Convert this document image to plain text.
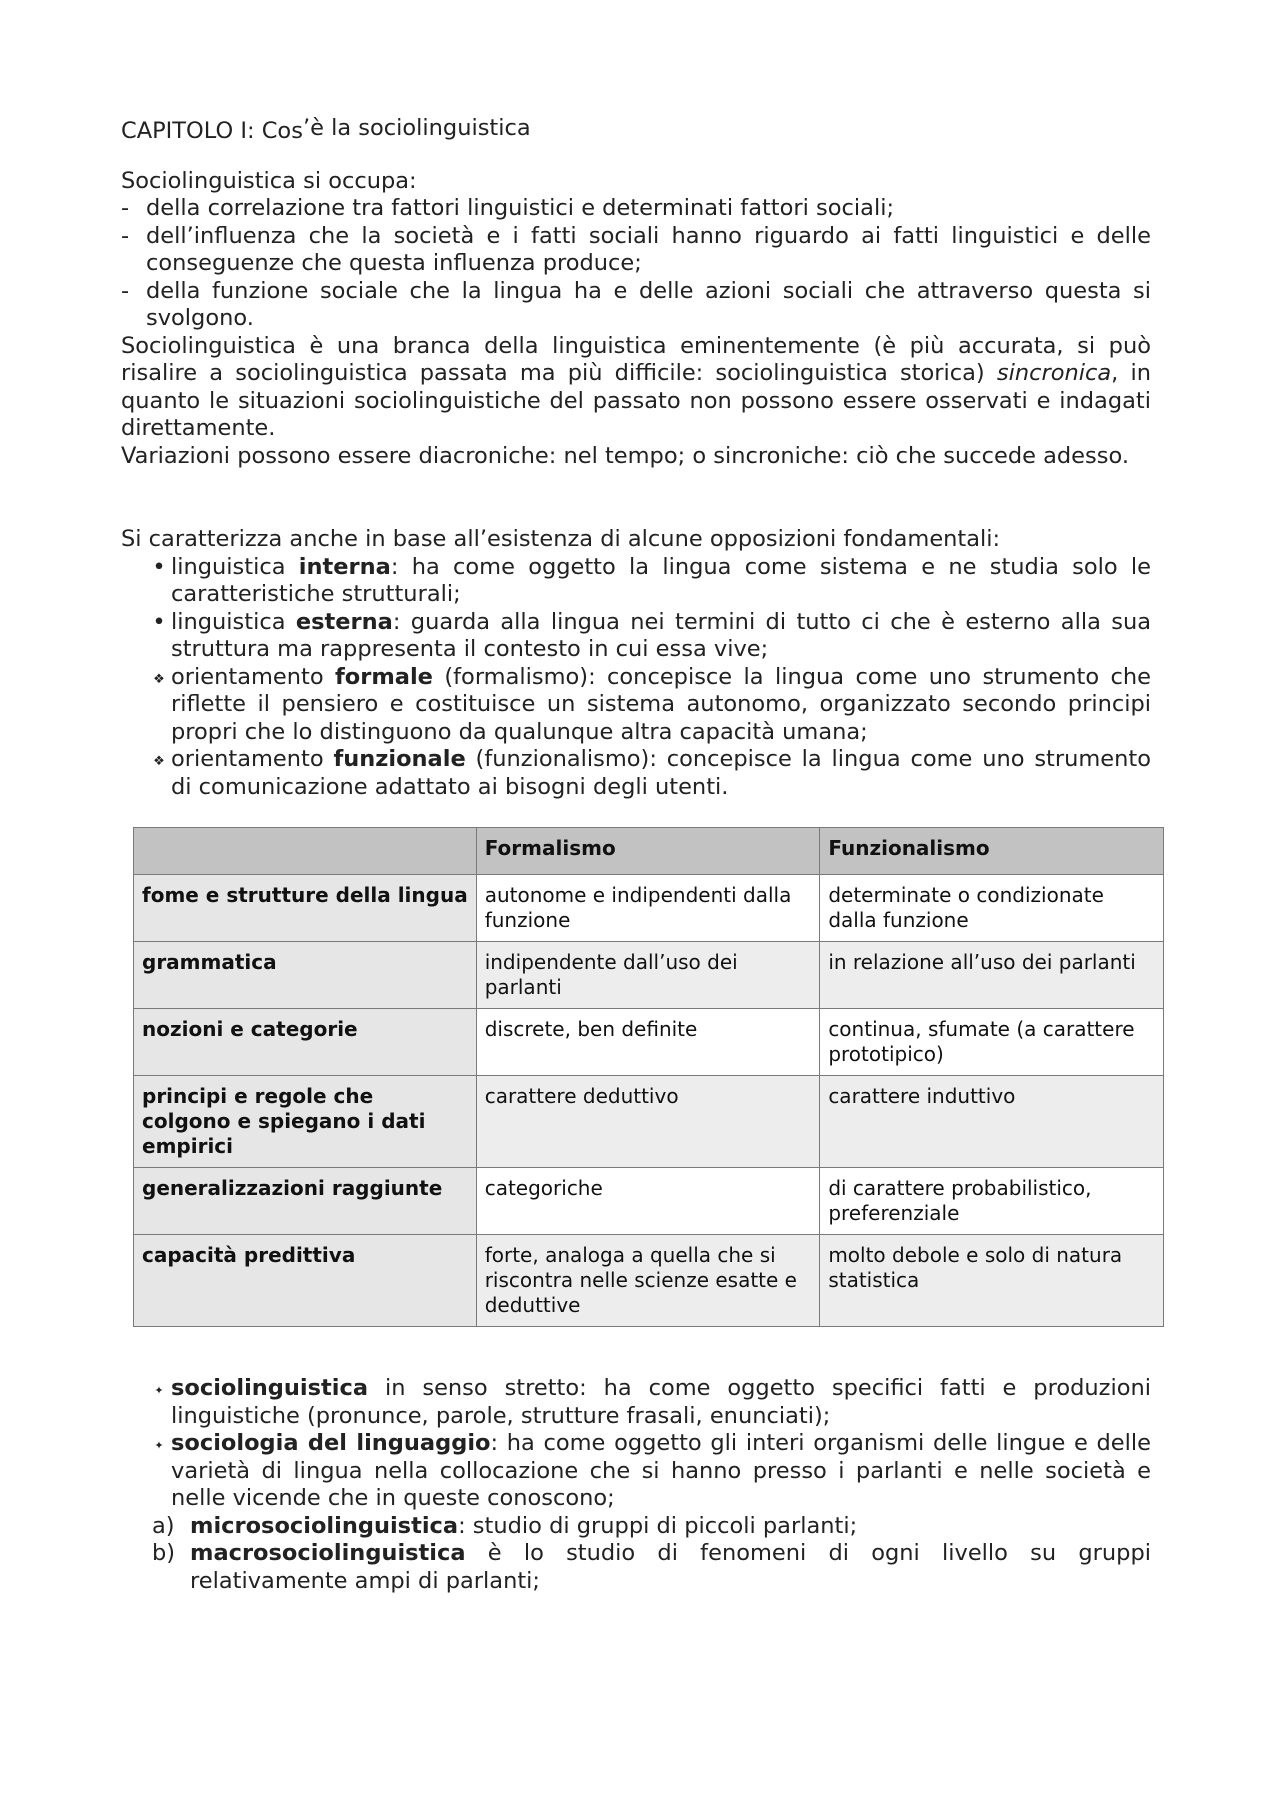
CAPITOLO I: Cos’è la sociolinguistica

Sociolinguistica si occupa:

- della correlazione tra fattori linguistici e determinati fattori sociali;
- dell’influenza che la società e i fatti sociali hanno riguardo ai fatti linguistici e delle conseguenze che questa influenza produce;
- della funzione sociale che la lingua ha e delle azioni sociali che attraverso questa si svolgono.

Sociolinguistica è una branca della linguistica eminentemente (è più accurata, si può risalire a sociolinguistica passata ma più difficile: sociolinguistica storica) sincronica, in quanto le situazioni sociolinguistiche del passato non possono essere osservati e indagati direttamente.

Variazioni possono essere diacroniche: nel tempo; o sincroniche: ciò che succede adesso.

Si caratterizza anche in base all’esistenza di alcune opposizioni fondamentali:

• linguistica interna: ha come oggetto la lingua come sistema e ne studia solo le caratteristiche strutturali;
• linguistica esterna: guarda alla lingua nei termini di tutto ci che è esterno alla sua struttura ma rappresenta il contesto in cui essa vive;
❖ orientamento formale (formalismo): concepisce la lingua come uno strumento che riflette il pensiero e costituisce un sistema autonomo, organizzato secondo principi propri che lo distinguono da qualunque altra capacità umana;
❖ orientamento funzionale (funzionalismo): concepisce la lingua come uno strumento di comunicazione adattato ai bisogni degli utenti.
	Formalismo	Funzionalismo
fome e strutture della lingua	autonome e indipendenti dalla funzione	determinate o condizionate dalla funzione
grammatica	indipendente dall’uso dei parlanti	in relazione all’uso dei parlanti
nozioni e categorie	discrete, ben definite	continua, sfumate (a carattere prototipico)
principi e regole che colgono e spiegano i dati empirici	carattere deduttivo	carattere induttivo
generalizzazioni raggiunte	categoriche	di carattere probabilistico, preferenziale
capacità predittiva	forte, analoga a quella che si riscontra nelle scienze esatte e deduttive	molto debole e solo di natura statistica
✦ sociolinguistica in senso stretto: ha come oggetto specifici fatti e produzioni linguistiche (pronunce, parole, strutture frasali, enunciati);
✦ sociologia del linguaggio: ha come oggetto gli interi organismi delle lingue e delle varietà di lingua nella collocazione che si hanno presso i parlanti e nelle società e nelle vicende che in queste conoscono;
a) microsociolinguistica: studio di gruppi di piccoli parlanti;
b) macrosociolinguistica è lo studio di fenomeni di ogni livello su gruppi relativamente ampi di parlanti;
